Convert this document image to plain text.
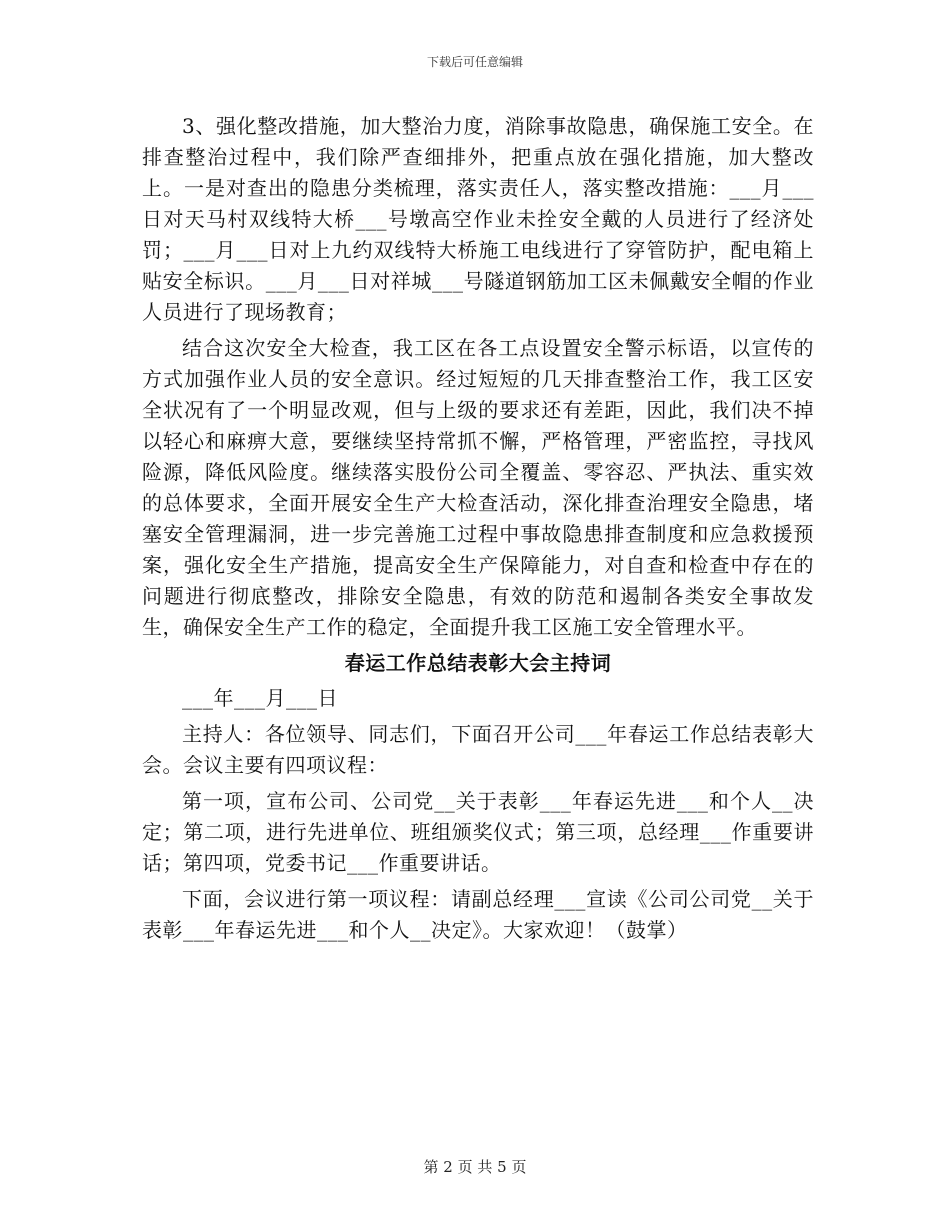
下载后可任意编辑

3、强化整改措施，加大整治力度，消除事故隐患，确保施工安全。在排查整治过程中，我们除严查细排外，把重点放在强化措施，加大整改上。一是对查出的隐患分类梳理，落实责任人，落实整改措施：___月___日对天马村双线特大桥___号墩高空作业未拴安全戴的人员进行了经济处罚；___月___日对上九约双线特大桥施工电线进行了穿管防护，配电箱上贴安全标识。___月___日对祥城___号隧道钢筋加工区未佩戴安全帽的作业人员进行了现场教育；

结合这次安全大检查，我工区在各工点设置安全警示标语，以宣传的方式加强作业人员的安全意识。经过短短的几天排查整治工作，我工区安全状况有了一个明显改观，但与上级的要求还有差距，因此，我们决不掉以轻心和麻痹大意，要继续坚持常抓不懈，严格管理，严密监控，寻找风险源，降低风险度。继续落实股份公司全覆盖、零容忍、严执法、重实效的总体要求，全面开展安全生产大检查活动，深化排查治理安全隐患，堵塞安全管理漏洞，进一步完善施工过程中事故隐患排查制度和应急救援预案，强化安全生产措施，提高安全生产保障能力，对自查和检查中存在的问题进行彻底整改，排除安全隐患，有效的防范和遏制各类安全事故发生，确保安全生产工作的稳定，全面提升我工区施工安全管理水平。

春运工作总结表彰大会主持词

___年___月___日

主持人：各位领导、同志们，下面召开公司___年春运工作总结表彰大会。会议主要有四项议程：

第一项，宣布公司、公司党__关于表彰___年春运先进___和个人__决定；第二项，进行先进单位、班组颁奖仪式；第三项，总经理___作重要讲话；第四项，党委书记___作重要讲话。

下面，会议进行第一项议程：请副总经理___宣读《公司公司党__关于表彰___年春运先进___和个人__决定》。大家欢迎！（鼓掌）

第 2 页 共 5 页
